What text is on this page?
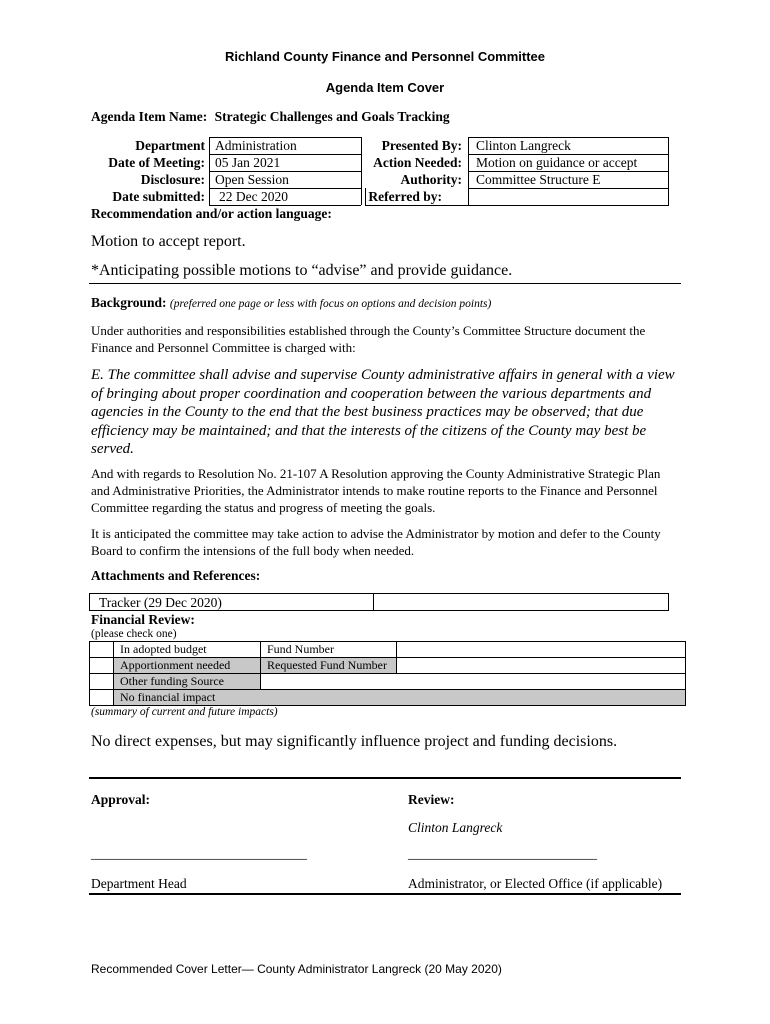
Richland County Finance and Personnel Committee
Agenda Item Cover
Agenda Item Name: Strategic Challenges and Goals Tracking
Department Administration	Presented By: Clinton Langreck
Date of Meeting: 05 Jan 2021	Action Needed: Motion on guidance or accept
Disclosure: Open Session	Authority: Committee Structure E
Date submitted: 22 Dec 2020	Referred by:
Recommendation and/or action language:
Motion to accept report.
*Anticipating possible motions to “advise” and provide guidance.
Background: (preferred one page or less with focus on options and decision points)
Under authorities and responsibilities established through the County’s Committee Structure document the Finance and Personnel Committee is charged with:
E. The committee shall advise and supervise County administrative affairs in general with a view of bringing about proper coordination and cooperation between the various departments and agencies in the County to the end that the best business practices may be observed; that due efficiency may be maintained; and that the interests of the citizens of the County may best be served.
And with regards to Resolution No. 21-107 A Resolution approving the County Administrative Strategic Plan and Administrative Priorities, the Administrator intends to make routine reports to the Finance and Personnel Committee regarding the status and progress of meeting the goals.
It is anticipated the committee may take action to advise the Administrator by motion and defer to the County Board to confirm the intensions of the full body when needed.
Attachments and References:
Tracker (29 Dec 2020)
Financial Review:
(please check one)
In adopted budget	Fund Number
Apportionment needed	Requested Fund Number
Other funding Source
No financial impact
(summary of current and future impacts)
No direct expenses, but may significantly influence project and funding decisions.
Approval:	Review:
Clinton Langreck
________________________________	____________________________
Department Head	Administrator, or Elected Office (if applicable)
Recommended Cover Letter— County Administrator Langreck (20 May 2020)
